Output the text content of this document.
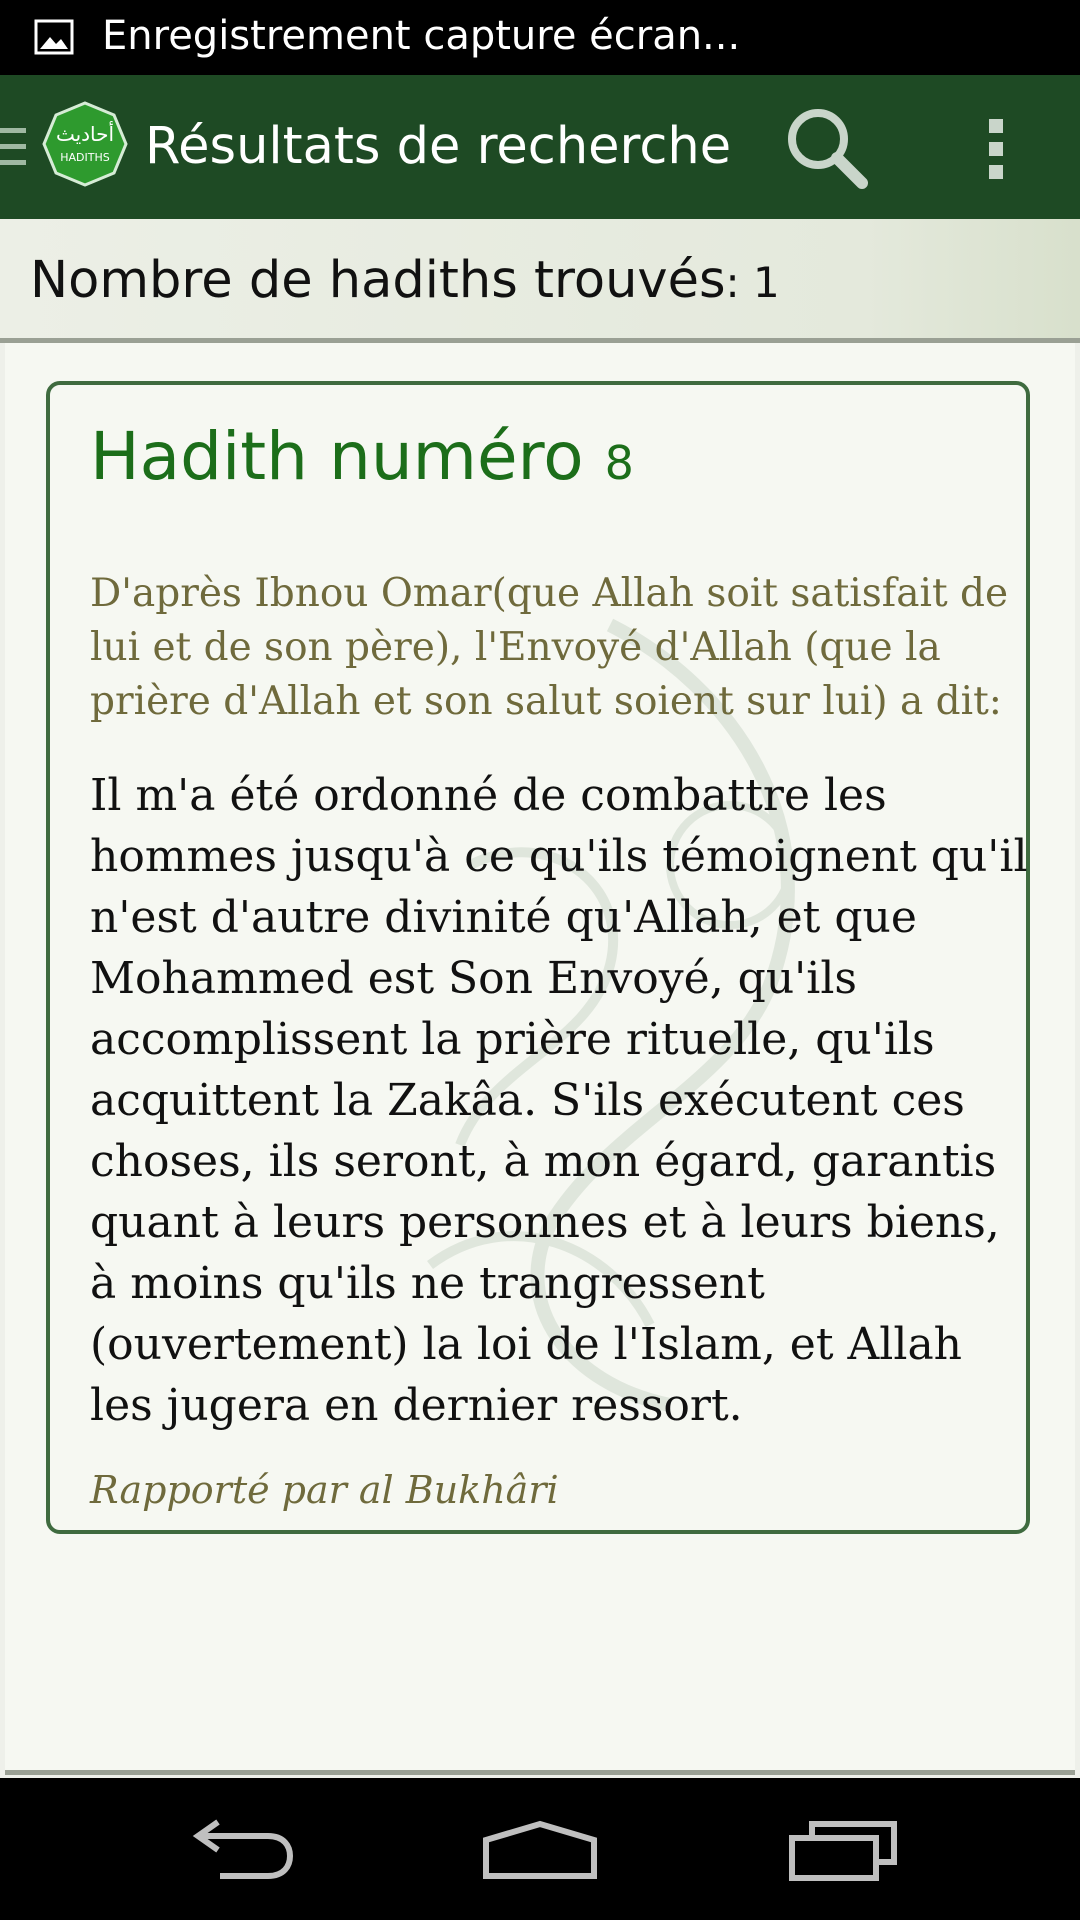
Enregistrement capture écran...
أحاديث
HADITHS Résultats de recherche
Nombre de hadiths trouvés: 1
Hadith numéro 8
D'après Ibnou Omar(que Allah soit satisfait de lui et de son père), l'Envoyé d'Allah (que la prière d'Allah et son salut soient sur lui) a dit:
Il m'a été ordonné de combattre les hommes jusqu'à ce qu'ils témoignent qu'il n'est d'autre divinité qu'Allah, et que Mohammed est Son Envoyé, qu'ils accomplissent la prière rituelle, qu'ils acquittent la Zakâa. S'ils exécutent ces choses, ils seront, à mon égard, garantis quant à leurs personnes et à leurs biens, à moins qu'ils ne trangressent (ouvertement) la loi de l'Islam, et Allah les jugera en dernier ressort.
Rapporté par al Bukhâri
